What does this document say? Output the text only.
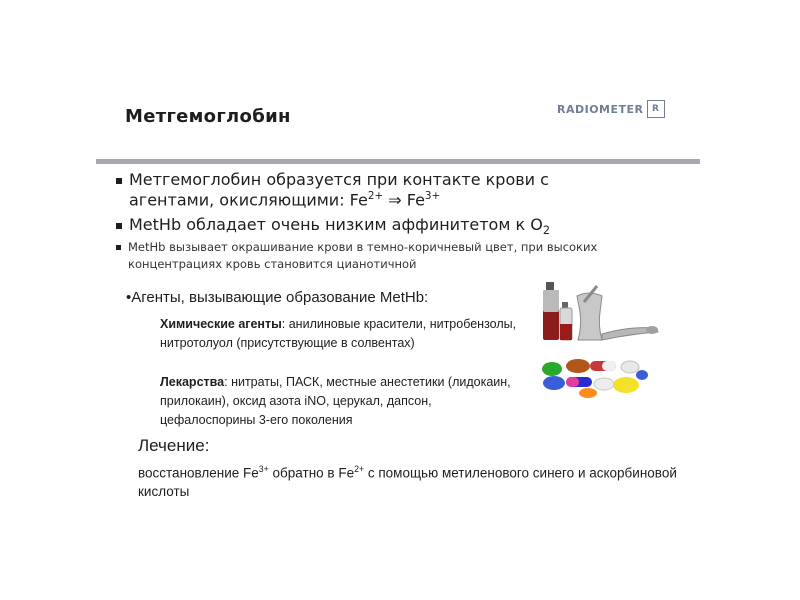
Метгемоглобин	RADIOMETER R
Метгемоглобин образуется при контакте крови с
агентами, окисляющими: $Fe^{2+}$ ⇒ $Fe^{3+}$
MetHb обладает очень низким аффинитетом к $O_2$
MetHb вызывает окрашивание крови в темно-коричневый цвет, при высоких
концентрациях кровь становится цианотичной
•Агенты, вызывающие образование MetHb:
Химические агенты: анилиновые красители, нитробензолы, нитротолуол (присутствующие в солвентах)
Лекарства: нитраты, ПАСК, местные анестетики (лидокаин, прилокаин), оксид азота iNO, церукал, дапсон, цефалоспорины 3-его поколения
Лечение:
восстановление $Fe^{3+}$ обратно в $Fe^{2+}$ с помощью метиленового синего и аскорбиновой кислоты
